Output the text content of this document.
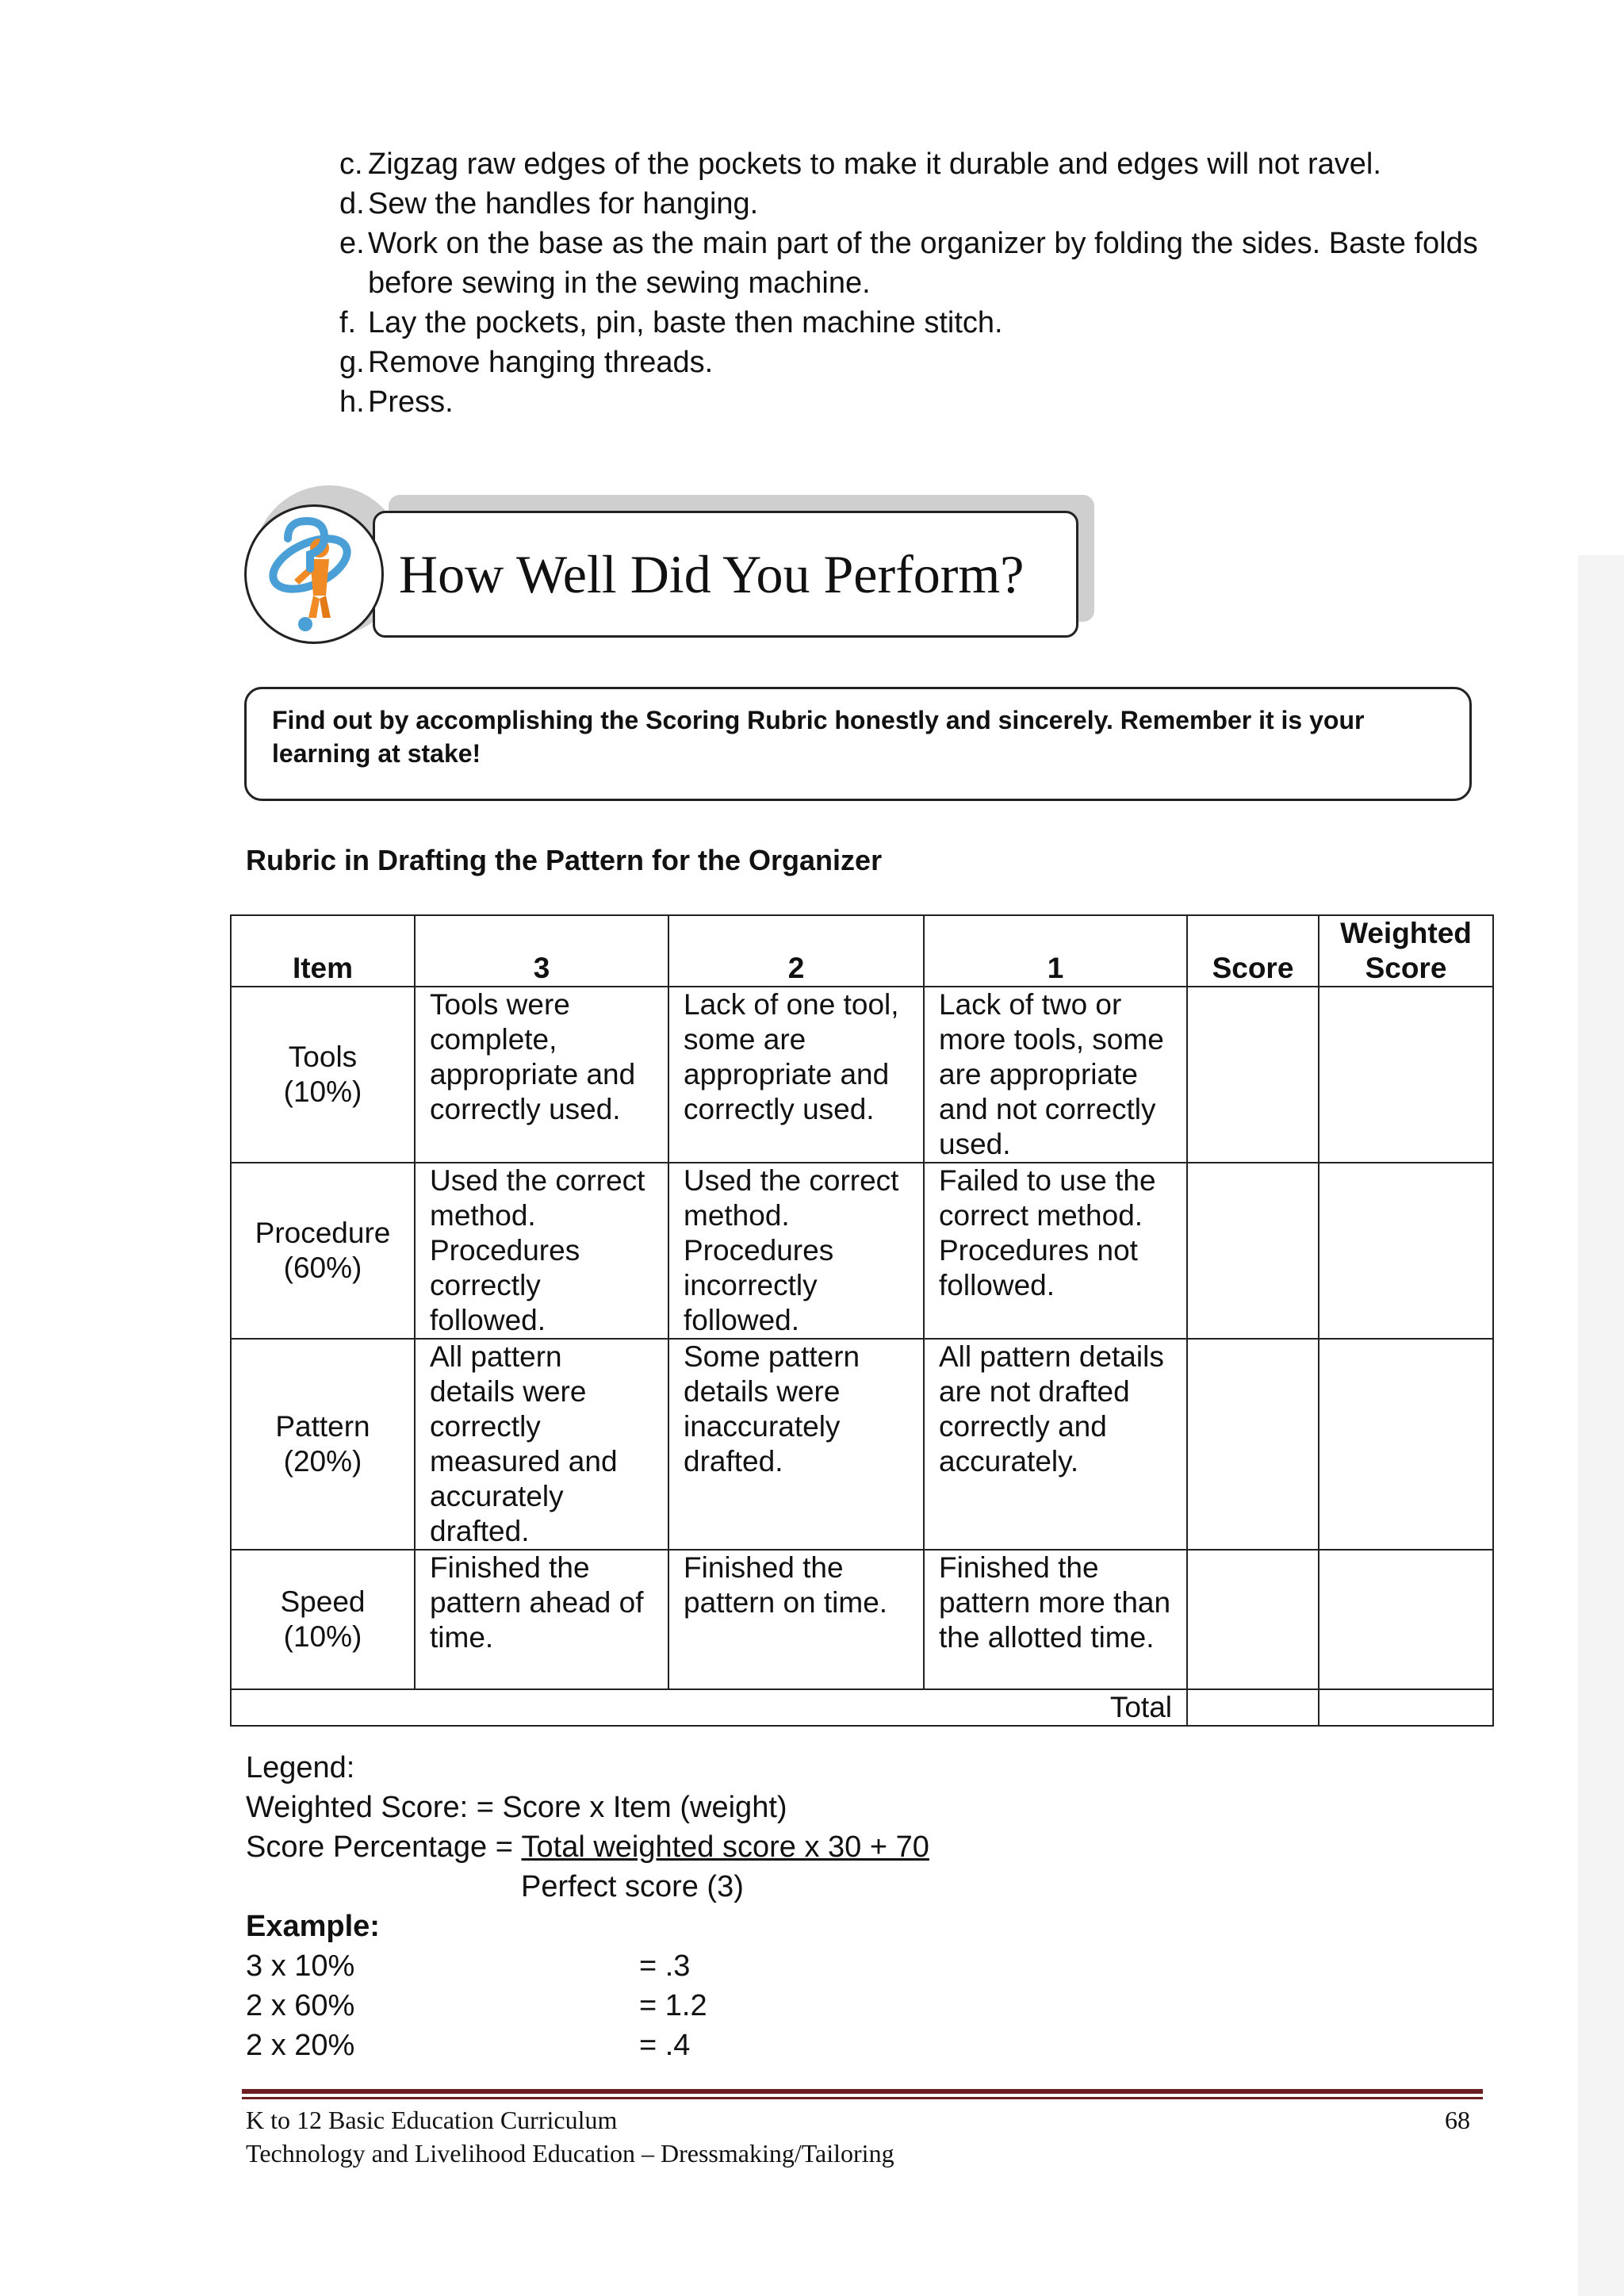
c. Zigzag raw edges of the pockets to make it durable and edges will not ravel.
d. Sew the handles for hanging.
e. Work on the base as the main part of the organizer by folding the sides. Baste folds before sewing in the sewing machine.
f. Lay the pockets, pin, baste then machine stitch.
g. Remove hanging threads.
h. Press.
How Well Did You Perform?
Find out by accomplishing the Scoring Rubric honestly and sincerely. Remember it is your learning at stake!
Rubric in Drafting the Pattern for the Organizer
Item	3	2	1	Score	Weighted Score
Tools (10%)	Tools were complete, appropriate and correctly used.	Lack of one tool, some are appropriate and correctly used.	Lack of two or more tools, some are appropriate and not correctly used.		
Procedure (60%)	Used the correct method. Procedures correctly followed.	Used the correct method. Procedures incorrectly followed.	Failed to use the correct method. Procedures not followed.		
Pattern (20%)	All pattern details were correctly measured and accurately drafted.	Some pattern details were inaccurately drafted.	All pattern details are not drafted correctly and accurately.		
Speed (10%)	Finished the pattern ahead of time.	Finished the pattern on time.	Finished the pattern more than the allotted time.		
Total					
Legend:
Weighted Score: = Score x Item (weight)
Score Percentage = Total weighted score x 30 + 70
Perfect score (3)
Example:
3 x 10%	= .3
2 x 60%	= 1.2
2 x 20%	= .4
K to 12 Basic Education Curriculum
Technology and Livelihood Education – Dressmaking/Tailoring
68
